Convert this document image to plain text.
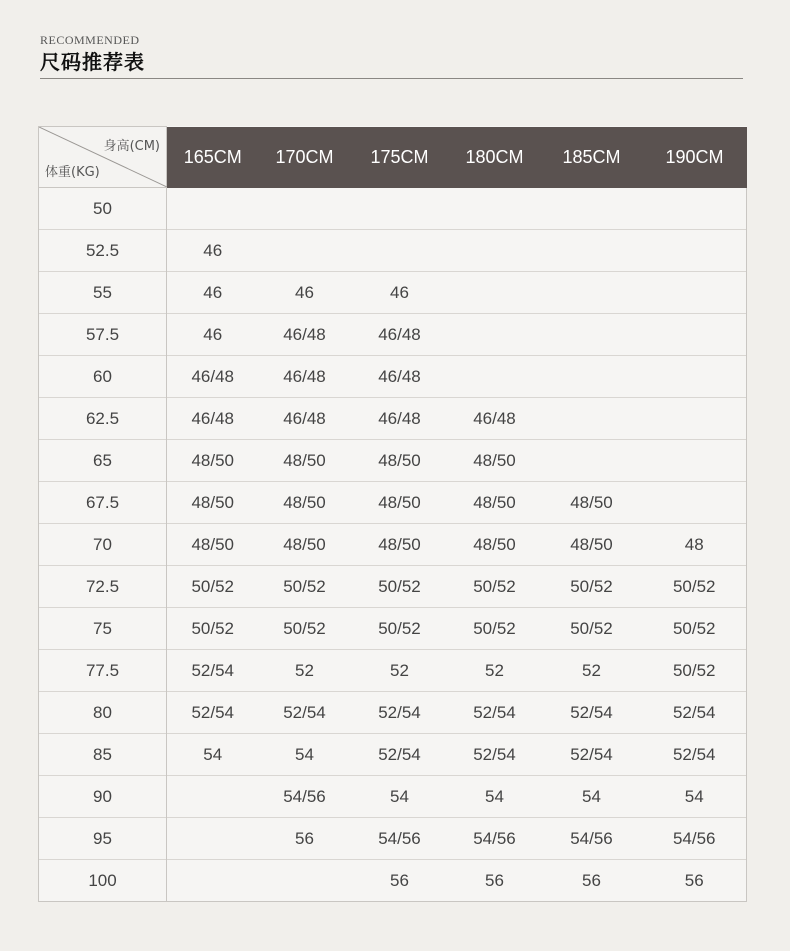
RECOMMENDED
尺码推荐表
身高(CM)
体重(KG)	165CM	170CM	175CM	180CM	185CM	190CM
50						
52.5	46					
55	46	46	46			
57.5	46	46/48	46/48			
60	46/48	46/48	46/48			
62.5	46/48	46/48	46/48	46/48		
65	48/50	48/50	48/50	48/50		
67.5	48/50	48/50	48/50	48/50	48/50	
70	48/50	48/50	48/50	48/50	48/50	48
72.5	50/52	50/52	50/52	50/52	50/52	50/52
75	50/52	50/52	50/52	50/52	50/52	50/52
77.5	52/54	52	52	52	52	50/52
80	52/54	52/54	52/54	52/54	52/54	52/54
85	54	54	52/54	52/54	52/54	52/54
90		54/56	54	54	54	54
95		56	54/56	54/56	54/56	54/56
100			56	56	56	56
